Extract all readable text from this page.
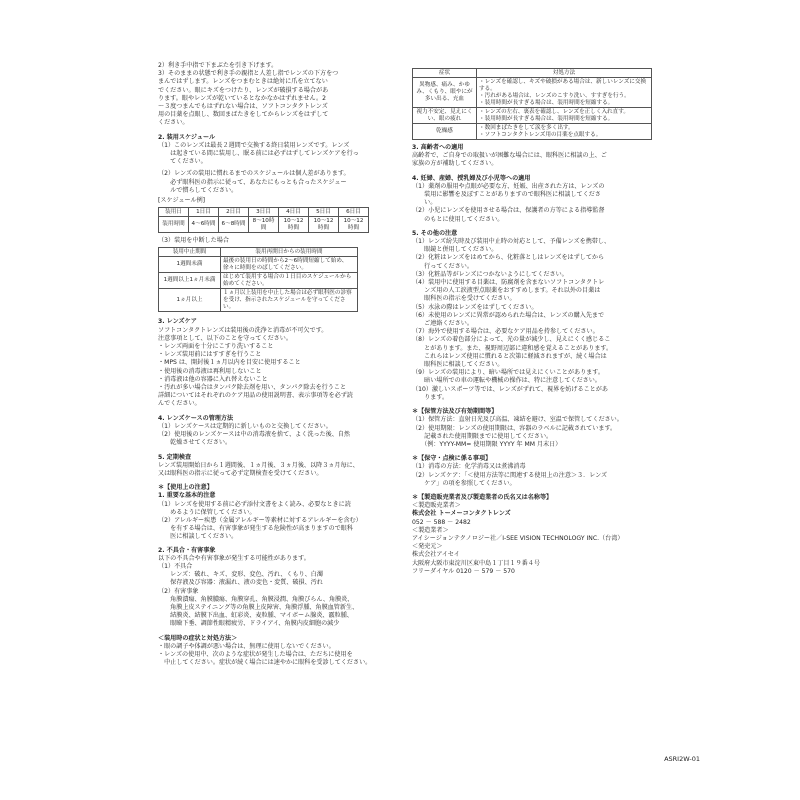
2）利き手中指で下まぶたを引き下げます。
3）そのままの状態で利き手の親指と人差し指でレンズの下方をつ
まんではずします。レンズをつまむときは絶対に爪を立てない
でください。眼にキズをつけたり、レンズが破損する場合があ
ります。眼やレンズが乾いているとなかなかはずれません。2
～３度つまんでもはずれない場合は、ソフトコンタクトレンズ
用の目薬を点眼し、数回まばたきをしてからレンズをはずして
ください。
2. 装用スケジュール
（1）このレンズは最長２週間で交換する終日装用レンズです。レンズ
　　は起きている間に装用し、眠る前には必ずはずしてレンズケアを行っ
　　てください。
（2）レンズの装用に慣れるまでのスケジュールは個人差があります。
　　必ず眼科医の指示に従って、あなたにもっとも合ったスケジュー
　　ルで慣らしてください。
[スケジュール例]
装用日	1日目	2日目	3日目	4日目	5日目	6日目
装用時間	4～6時間	6～8時間	8～10時間	10～12時間	10～12時間	10～12時間
（3）装用を中断した場合
装用中止期間	装用再開日からの装用時間
1週間未満	最後の装用日の時間から2～6時間短縮して始め、徐々に時間をのばしてください。
1週間以上1ヵ月未満	はじめて装用する場合の１日目のスケジュールから始めてください。
1ヵ月以上	１ヵ月以上装用を中止した場合は必ず眼科医の診察を受け、指示されたスケジュールを守ってください。
3. レンズケア
ソフトコンタクトレンズは装用後の洗浄と消毒が不可欠です。
注意事項として、以下のことを守ってください。
・レンズ両面を十分にこすり洗いすること
・レンズ装用前にはすすぎを行うこと
・MPS は、開封後１ヵ月以内を目安に使用すること
・使用後の消毒液は再利用しないこと
・消毒液は他の容器に入れ替えないこと
・汚れが多い場合はタンパク除去剤を用い、タンパク除去を行うこと
詳細についてはそれぞれのケア用品の使用説明書、表示事項等を必ず読
んでください。
4. レンズケースの管理方法
（1）レンズケースは定期的に新しいものと交換してください。
（2）使用後のレンズケースは中の消毒液を捨て、よく洗った後、自然
　　乾燥させてください。
5. 定期検査
レンズ装用開始日から１週間後、１ヵ月後、３ヵ月後、以降３ヵ月毎に、
又は眼科医の指示に従って必ず定期検査を受けてください。
＊【使用上の注意】
1. 重要な基本的注意
（1）レンズを使用する前に必ず添付文書をよく読み、必要なときに読
　　めるように保管してください。
（2）アレルギー疾患（金属アレルギー等素材に対するアレルギーを含む）
　　を有する場合は、有害事象が発生する危険性が高まりますので眼科
　　医に相談してください。
2. 不具合・有害事象
以下の不具合や有害事象が発生する可能性があります。
（1）不具合
　　レンズ：破れ、キズ、変形、変色、汚れ、くもり、白濁
　　保存液及び容器：液漏れ、液の変色・変質、破損、汚れ
（2）有害事象
　　角膜潰瘍、角膜膿瘍、角膜穿孔、角膜浸潤、角膜びらん、角膜炎、
　　角膜上皮ステイニング等の角膜上皮障害、角膜浮腫、角膜血管新生、
　　結膜炎、結膜下出血、虹彩炎、麦粒腫、マイボーム腺炎、霰粒腫、
　　眼瞼下垂、調節性眼精疲労、ドライアイ、角膜内皮細胞の減少
＜装用時の症状と対処方法＞
・眼の調子や体調が悪い場合は、無理に使用しないでください。
・レンズの使用中、次のような症状が発生した場合は、ただちに使用を
　中止してください。症状が続く場合には速やかに眼科を受診してください。
症状	対処方法
異物感、痛み、かゆみ、くもり、眼やにが多い出る、充血	・レンズを確認し、キズや破損がある場合は、新しいレンズに交換する。
・汚れがある場合は、レンズのこすり洗い、すすぎを行う。
・装用時間が長すぎる場合は、装用時間を短縮する。
視力不安定、見えにくい、眼の疲れ	・レンズの左右、裏表を確認し、レンズを正しく入れ直す。
・装用時間が長すぎる場合は、装用時間を短縮する。
乾燥感	・数回まばたきをして涙を多く出す。
・ソフトコンタクトレンズ用の目薬を点眼する。
3. 高齢者への適用
高齢者で、ご自身での取扱いが困難な場合には、眼科医に相談の上、ご
家族の方が補助してください。
4. 妊婦、産婦、授乳婦及び小児等への適用
（1）薬剤の服用や点眼が必要な方、妊娠、出産された方は、レンズの
　　装用に影響を及ぼすことがありますので眼科医に相談してくださ
　　い。
（2）小児にレンズを使用させる場合は、保護者の方等による指導監督
　　のもとに使用してください。
5. その他の注意
（1）レンズ紛失時及び装用中止時の対応として、予備レンズを携帯し、
　　眼鏡と併用してください。
（2）化粧はレンズをはめてから、化粧落としはレンズをはずしてから
　　行ってください。
（3）化粧品等がレンズにつかないようにしてください。
（4）装用中に使用する目薬は、防腐剤を含まないソフトコンタクトレ
　　ンズ用の人工涙液型点眼薬をおすすめします。それ以外の目薬は
　　眼科医の指示を受けてください。
（5）水泳の際はレンズをはずしてください。
（6）未使用のレンズに異常が認められた場合は、レンズの購入先まで
　　ご連絡ください。
（7）海外で使用する場合は、必要なケア用品を持参してください。
（8）レンズの着色部分によって、光の量が減少し、見えにくく感じるこ
　　とがあります。また、視野周辺部に違和感を覚えることがあります。
　　これらはレンズ使用に慣れると次第に軽減されますが、続く場合は
　　眼科医に相談してください。
（9）レンズの装用により、暗い場所では見えにくいことがあります。
　　暗い場所での車の運転や機械の操作は、特に注意してください。
（10）激しいスポーツ等では、レンズがずれて、視界を妨げることがあ
　　ります。
＊【保管方法及び有効期間等】
（1）保管方法：直射日光及び高温、凍結を避け、室温で保管してください。
（2）使用期限：レンズの使用期限は、容器のラベルに記載されています。
　　記載された使用期限までに使用してください。
　　（例：YYYY-MM= 使用期限 YYYY 年 MM 月末日）
＊【保守・点検に係る事項】
（1）消毒の方法：化学消毒又は煮沸消毒
（2）レンズケア：「＜使用方法等に関連する使用上の注意＞３．レンズ
　　ケア」の項を参照してください。
＊【製造販売業者及び製造業者の氏名又は名称等】
＜製造販売業者＞
株式会社 トーメーコンタクトレンズ
052 － 588 － 2482
＜製造業者＞
アイシージョンテクノロジー社／I-SEE VISION TECHNOLOGY INC.（台湾）
＜発売元＞
株式会社アイセイ
大阪府大阪市東淀川区東中島１丁目１９番４号
フリーダイヤル 0120 － 579 － 570
ASRI2W-01
